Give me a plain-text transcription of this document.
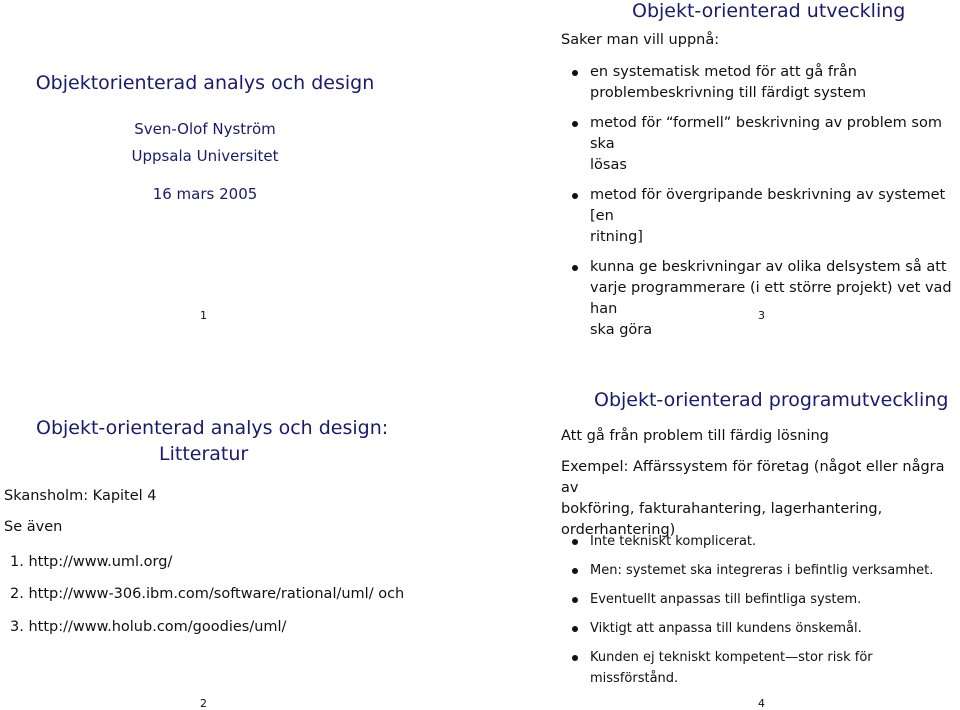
Objektorienterad analys och design
Sven-Olof Nyström
Uppsala Universitet
16 mars 2005
1
Objekt-orienterad analys och design:
Litteratur
Skansholm: Kapitel 4
Se även
1. http://www.uml.org/
2. http://www-306.ibm.com/software/rational/uml/ och
3. http://www.holub.com/goodies/uml/
2
Objekt-orienterad utveckling
Saker man vill uppnå:
en systematisk metod för att gå från
problembeskrivning till färdigt system
metod för “formell” beskrivning av problem som ska
lösas
metod för övergripande beskrivning av systemet [en
ritning]
kunna ge beskrivningar av olika delsystem så att
varje programmerare (i ett större projekt) vet vad han
ska göra
3
Objekt-orienterad programutveckling
Att gå från problem till färdig lösning
Exempel: Affärssystem för företag (något eller några av
bokföring, fakturahantering, lagerhantering,
orderhantering)
Inte tekniskt komplicerat.
Men: systemet ska integreras i befintlig verksamhet.
Eventuellt anpassas till befintliga system.
Viktigt att anpassa till kundens önskemål.
Kunden ej tekniskt kompetent—stor risk för missförstånd.
4
